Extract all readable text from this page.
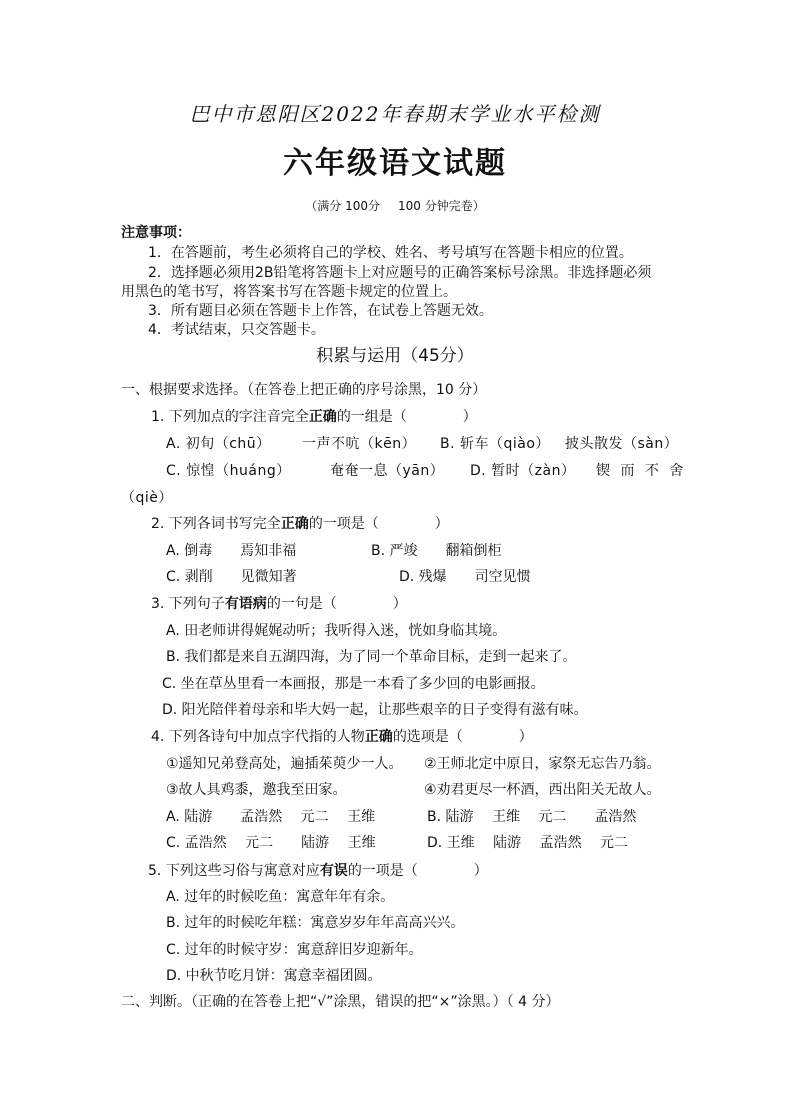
巴中市恩阳区2022年春期末学业水平检测
六年级语文试题
（满分 100分 100 分钟完卷）
注意事项：
1．在答题前，考生必须将自己的学校、姓名、考号填写在答题卡相应的位置。
2．选择题必须用2B铅笔将答题卡上对应题号的正确答案标号涂黑。非选择题必须
用黑色的笔书写，将答案书写在答题卡规定的位置上。
3．所有题目必须在答题卡上作答，在试卷上答题无效。
4．考试结束，只交答题卡。
积累与运用（45分）
一、根据要求选择。（在答卷上把正确的序号涂黑，10 分）
1. 下列加点的字注音完全正确的一组是（　　　　）
A. 初旬（chū） 一声不吭（kēn） B. 斩车（qiào） 披头散发（sàn）
C. 惊惶（huáng）	奄奄一息（yān） D. 暂时（zàn） 锲 而 不 舍
（qiè）
2. 下列各词书写完全正确的一项是（　　　　）
A. 倒毒　　焉知非福	B. 严竣　　翻箱倒柜
C. 剥削　　见微知著	D. 残爆　　司空见惯
3. 下列句子有语病的一句是（　　　　）
A. 田老师讲得娓娓动听；我听得入迷，恍如身临其境。
B. 我们都是来自五湖四海，为了同一个革命目标，走到一起来了。
C. 坐在草丛里看一本画报，那是一本看了多少回的电影画报。
D. 阳光陪伴着母亲和毕大妈一起，让那些艰辛的日子变得有滋有味。
4. 下列各诗句中加点字代指的人物正确的选项是（　　　　）
①遥知兄弟登高处，遍插茱萸少一人。 ②王师北定中原日，家祭无忘告乃翁。
③故人具鸡黍，邀我至田家。	④劝君更尽一杯酒，西出阳关无故人。
A. 陆游　　孟浩然　 元二　 王维	B. 陆游　 王维　 元二　　孟浩然
C. 孟浩然　 元二　　陆游　 王维	D. 王维　 陆游　 孟浩然　 元二
5. 下列这些习俗与寓意对应有误的一项是（　　　　）
A. 过年的时候吃鱼：寓意年年有余。
B. 过年的时候吃年糕：寓意岁岁年年高高兴兴。
C. 过年的时候守岁：寓意辞旧岁迎新年。
D. 中秋节吃月饼：寓意幸福团圆。
二、判断。（正确的在答卷上把“√”涂黑，错误的把“×”涂黑。）（ 4 分）
